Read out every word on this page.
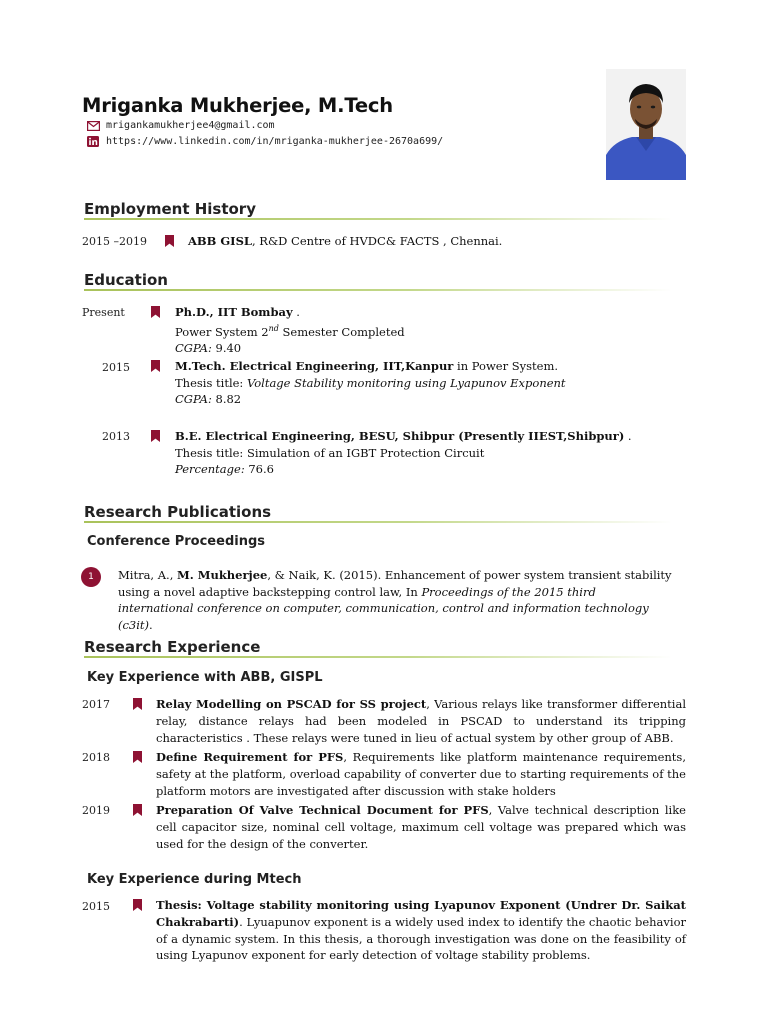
Mriganka Mukherjee, M.Tech
mrigankamukherjee4@gmail.com
https://www.linkedin.com/in/mriganka-mukherjee-2670a699/
Employment History
2015 –2019	ABB GISL, R&D Centre of HVDC& FACTS , Chennai.
Education
Present	Ph.D., IIT Bombay .
Power System 2nd Semester Completed
CGPA: 9.40
2015	M.Tech. Electrical Engineering, IIT,Kanpur in Power System.
Thesis title: Voltage Stability monitoring using Lyapunov Exponent
CGPA: 8.82
2013	B.E. Electrical Engineering, BESU, Shibpur (Presently IIEST,Shibpur) .
Thesis title: Simulation of an IGBT Protection Circuit
Percentage: 76.6
Research Publications
Conference Proceedings
1	Mitra, A., M. Mukherjee, & Naik, K. (2015). Enhancement of power system transient stability using a novel adaptive backstepping control law, In Proceedings of the 2015 third international conference on computer, communication, control and information technology (c3it).
Research Experience
Key Experience with ABB, GISPL
2017	Relay Modelling on PSCAD for SS project, Various relays like transformer differential relay, distance relays had been modeled in PSCAD to understand its tripping characteristics . These relays were tuned in lieu of actual system by other group of ABB.
2018	Define Requirement for PFS, Requirements like platform maintenance requirements, safety at the platform, overload capability of converter due to starting requirements of the platform motors are investigated after discussion with stake holders
2019	Preparation Of Valve Technical Document for PFS, Valve technical description like cell capacitor size, nominal cell voltage, maximum cell voltage was prepared which was used for the design of the converter.
Key Experience during Mtech
2015	Thesis: Voltage stability monitoring using Lyapunov Exponent (Undrer Dr. Saikat Chakrabarti). Lyuapunov exponent is a widely used index to identify the chaotic behavior of a dynamic system. In this thesis, a thorough investigation was done on the feasibility of using Lyapunov exponent for early detection of voltage stability problems.
